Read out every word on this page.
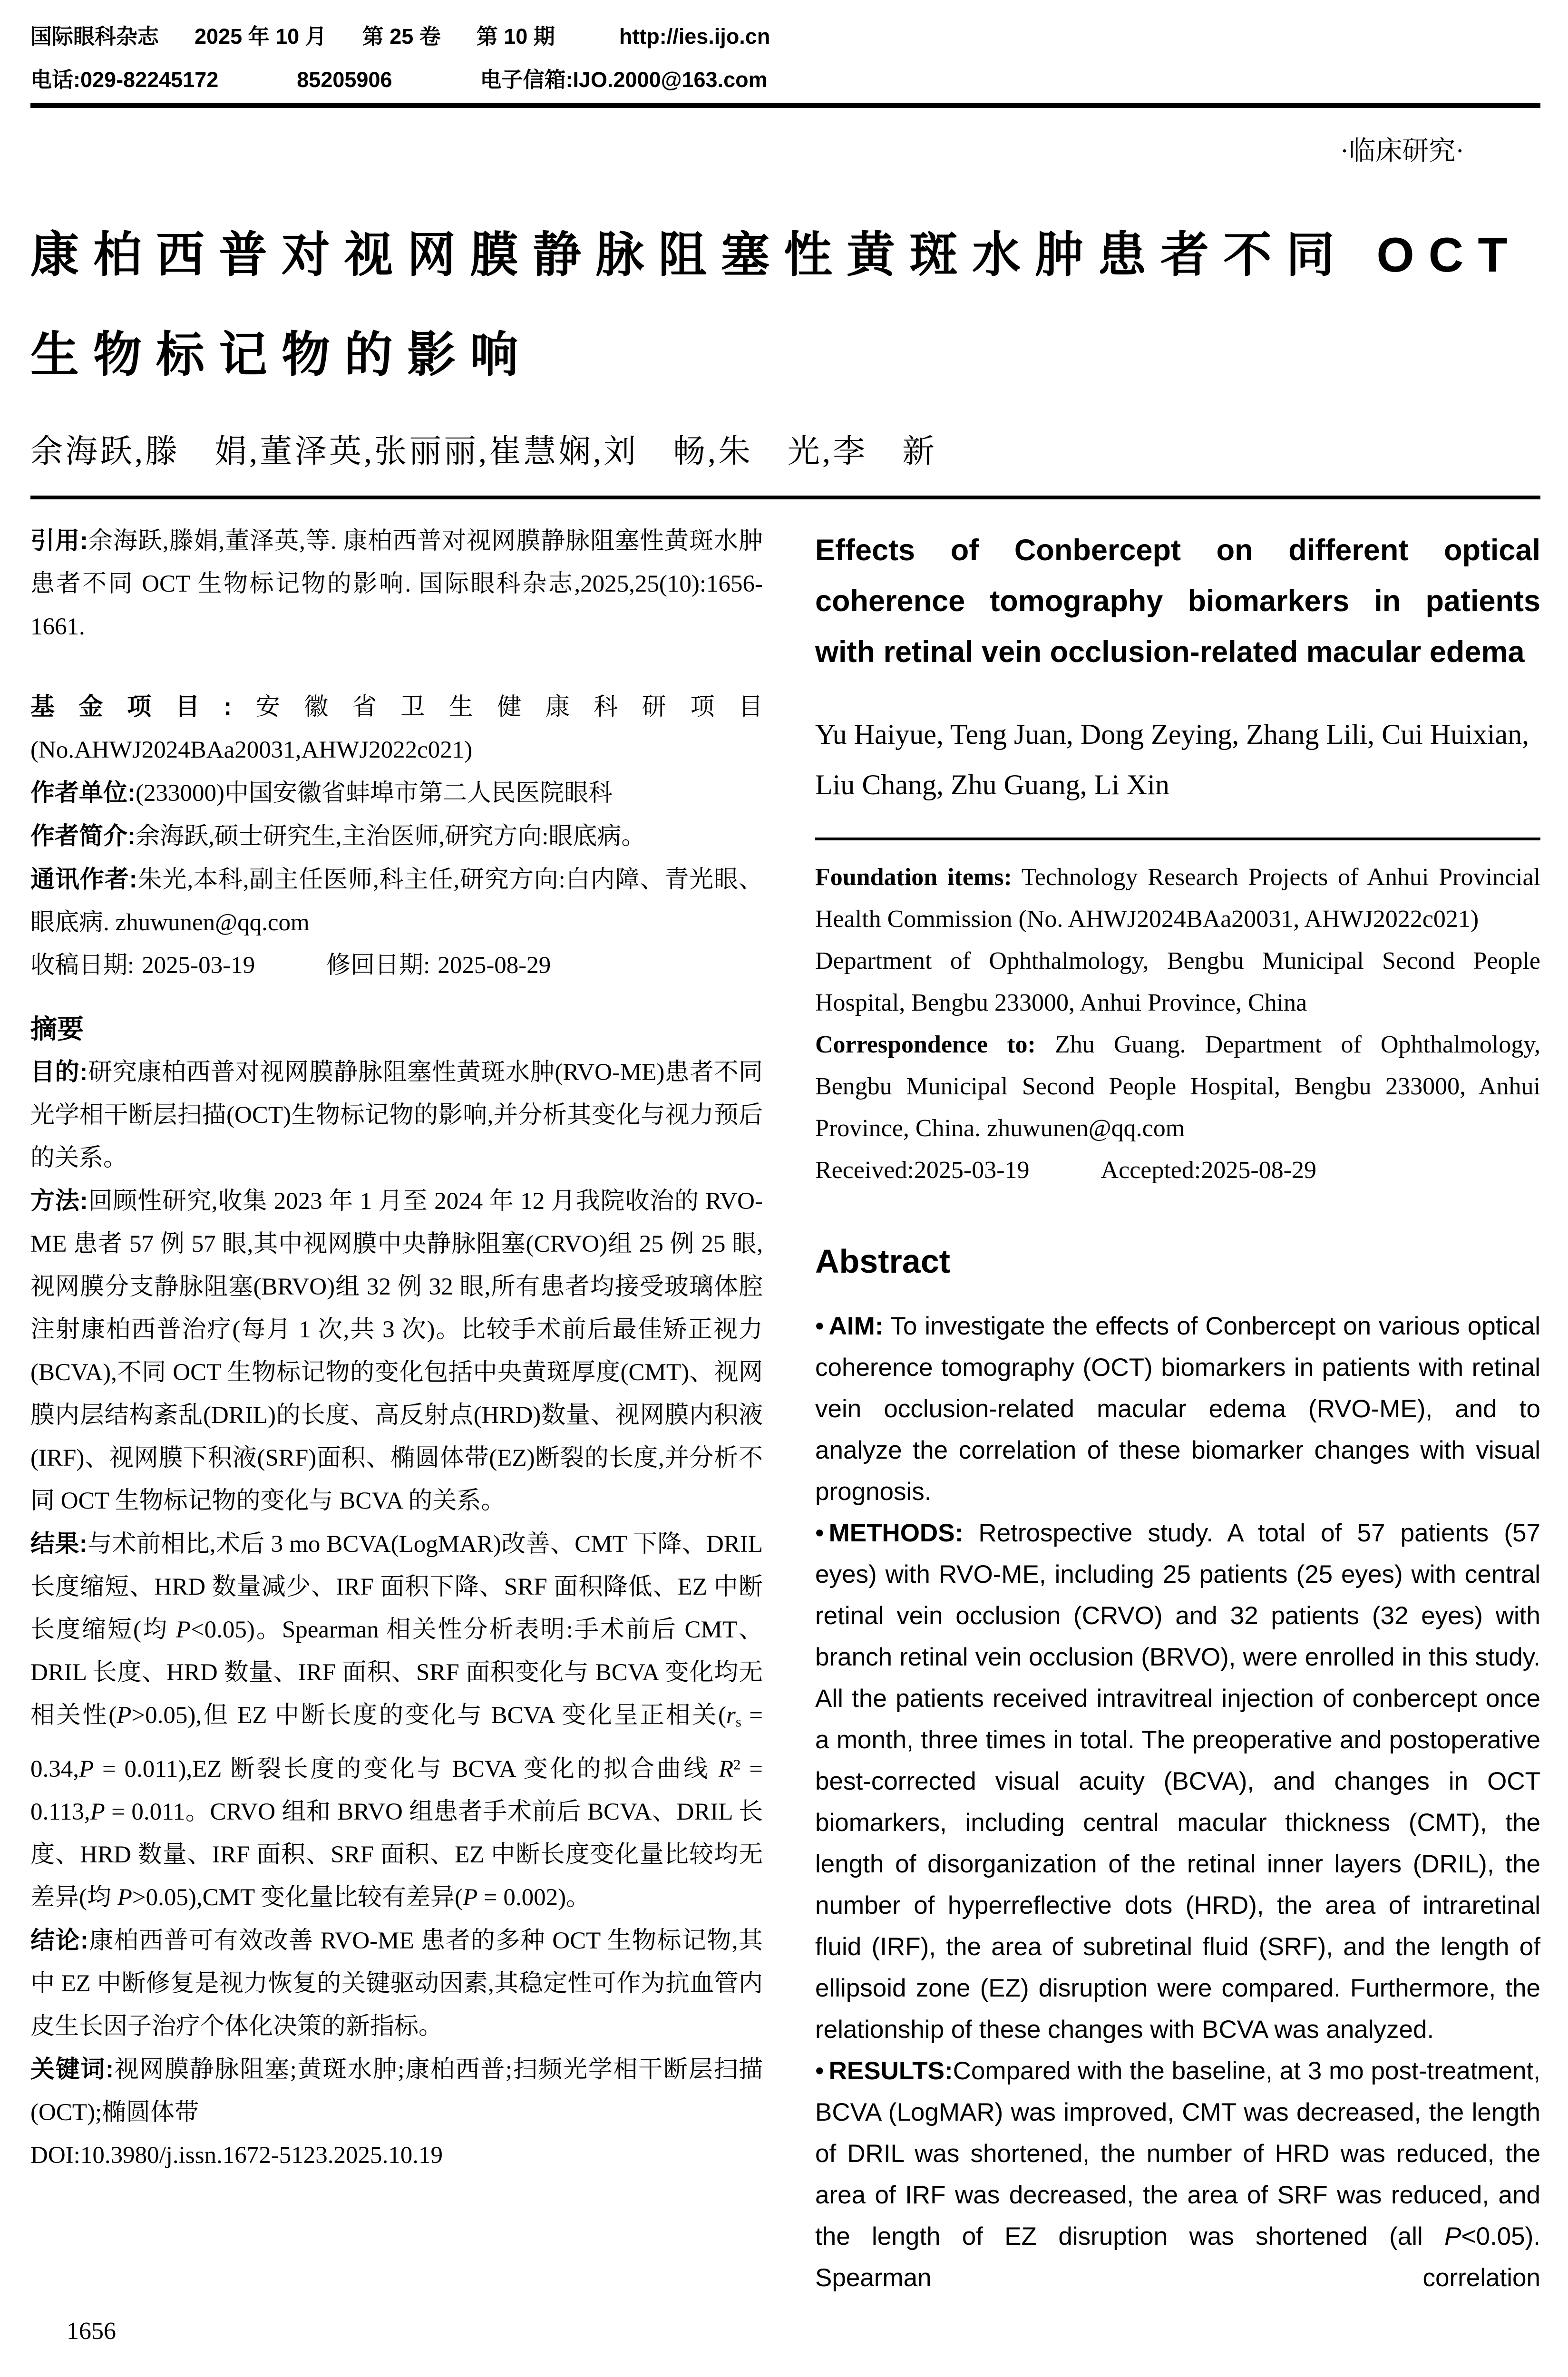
国际眼科杂志 2025 年 10 月 第 25 卷 第 10 期	http://ies.ijo.cn
电话:029-82245172	85205906	电子信箱:IJO.2000@163.com
·临床研究·
康柏西普对视网膜静脉阻塞性黄斑水肿患者不同 OCT
生物标记物的影响
余海跃,滕　娟,董泽英,张丽丽,崔慧娴,刘　畅,朱　光,李　新

引用:余海跃,滕娟,董泽英,等. 康柏西普对视网膜静脉阻塞性黄斑水肿患者不同 OCT 生物标记物的影响. 国际眼科杂志,2025,25(10):1656-1661.

基金项目:安徽省卫生健康科研项目(No.AHWJ2024BAa20031,AHWJ2022c021)

作者单位:(233000)中国安徽省蚌埠市第二人民医院眼科

作者简介:余海跃,硕士研究生,主治医师,研究方向:眼底病。

通讯作者:朱光,本科,副主任医师,科主任,研究方向:白内障、青光眼、眼底病. zhuwunen@qq.com

收稿日期: 2025-03-19	修回日期: 2025-08-29

摘要

目的:研究康柏西普对视网膜静脉阻塞性黄斑水肿(RVO-ME)患者不同光学相干断层扫描(OCT)生物标记物的影响,并分析其变化与视力预后的关系。

方法:回顾性研究,收集 2023 年 1 月至 2024 年 12 月我院收治的 RVO-ME 患者 57 例 57 眼,其中视网膜中央静脉阻塞(CRVO)组 25 例 25 眼,视网膜分支静脉阻塞(BRVO)组 32 例 32 眼,所有患者均接受玻璃体腔注射康柏西普治疗(每月 1 次,共 3 次)。比较手术前后最佳矫正视力(BCVA),不同 OCT 生物标记物的变化包括中央黄斑厚度(CMT)、视网膜内层结构紊乱(DRIL)的长度、高反射点(HRD)数量、视网膜内积液(IRF)、视网膜下积液(SRF)面积、椭圆体带(EZ)断裂的长度,并分析不同 OCT 生物标记物的变化与 BCVA 的关系。

结果:与术前相比,术后 3 mo BCVA(LogMAR)改善、CMT 下降、DRIL 长度缩短、HRD 数量减少、IRF 面积下降、SRF 面积降低、EZ 中断长度缩短(均 P<0.05)。Spearman 相关性分析表明:手术前后 CMT、DRIL 长度、HRD 数量、IRF 面积、SRF 面积变化与 BCVA 变化均无相关性(P>0.05),但 EZ 中断长度的变化与 BCVA 变化呈正相关$(r_s = 0.34,P = 0.011),EZ$ 断裂长度的变化与 BCVA 变化的拟合曲线 $R^2 = 0.113,P = 0.011$。CRVO 组和 BRVO 组患者手术前后 BCVA、DRIL 长度、HRD 数量、IRF 面积、SRF 面积、EZ 中断长度变化量比较均无差异(均 P>0.05),CMT 变化量比较有差异(P = 0.002)。

结论:康柏西普可有效改善 RVO-ME 患者的多种 OCT 生物标记物,其中 EZ 中断修复是视力恢复的关键驱动因素,其稳定性可作为抗血管内皮生长因子治疗个体化决策的新指标。

关键词:视网膜静脉阻塞;黄斑水肿;康柏西普;扫频光学相干断层扫描(OCT);椭圆体带

DOI:10.3980/j.issn.1672-5123.2025.10.19

Effects of Conbercept on different optical coherence tomography biomarkers in patients with retinal vein occlusion-related macular edema
Yu Haiyue, Teng Juan, Dong Zeying, Zhang Lili, Cui Huixian, Liu Chang, Zhu Guang, Li Xin

Foundation items: Technology Research Projects of Anhui Provincial Health Commission (No. AHWJ2024BAa20031, AHWJ2022c021)

Department of Ophthalmology, Bengbu Municipal Second People Hospital, Bengbu 233000, Anhui Province, China

Correspondence to: Zhu Guang. Department of Ophthalmology, Bengbu Municipal Second People Hospital, Bengbu 233000, Anhui Province, China. zhuwunen@qq.com

Received:2025-03-19	Accepted:2025-08-29

Abstract

• AIM: To investigate the effects of Conbercept on various optical coherence tomography (OCT) biomarkers in patients with retinal vein occlusion-related macular edema (RVO-ME), and to analyze the correlation of these biomarker changes with visual prognosis.

• METHODS: Retrospective study. A total of 57 patients (57 eyes) with RVO-ME, including 25 patients (25 eyes) with central retinal vein occlusion (CRVO) and 32 patients (32 eyes) with branch retinal vein occlusion (BRVO), were enrolled in this study. All the patients received intravitreal injection of conbercept once a month, three times in total. The preoperative and postoperative best-corrected visual acuity (BCVA), and changes in OCT biomarkers, including central macular thickness (CMT), the length of disorganization of the retinal inner layers (DRIL), the number of hyperreflective dots (HRD), the area of intraretinal fluid (IRF), the area of subretinal fluid (SRF), and the length of ellipsoid zone (EZ) disruption were compared. Furthermore, the relationship of these changes with BCVA was analyzed.

• RESULTS:Compared with the baseline, at 3 mo post-treatment, BCVA (LogMAR) was improved, CMT was decreased, the length of DRIL was shortened, the number of HRD was reduced, the area of IRF was decreased, the area of SRF was reduced, and the length of EZ disruption was shortened (all P<0.05). Spearman correlation

1656
